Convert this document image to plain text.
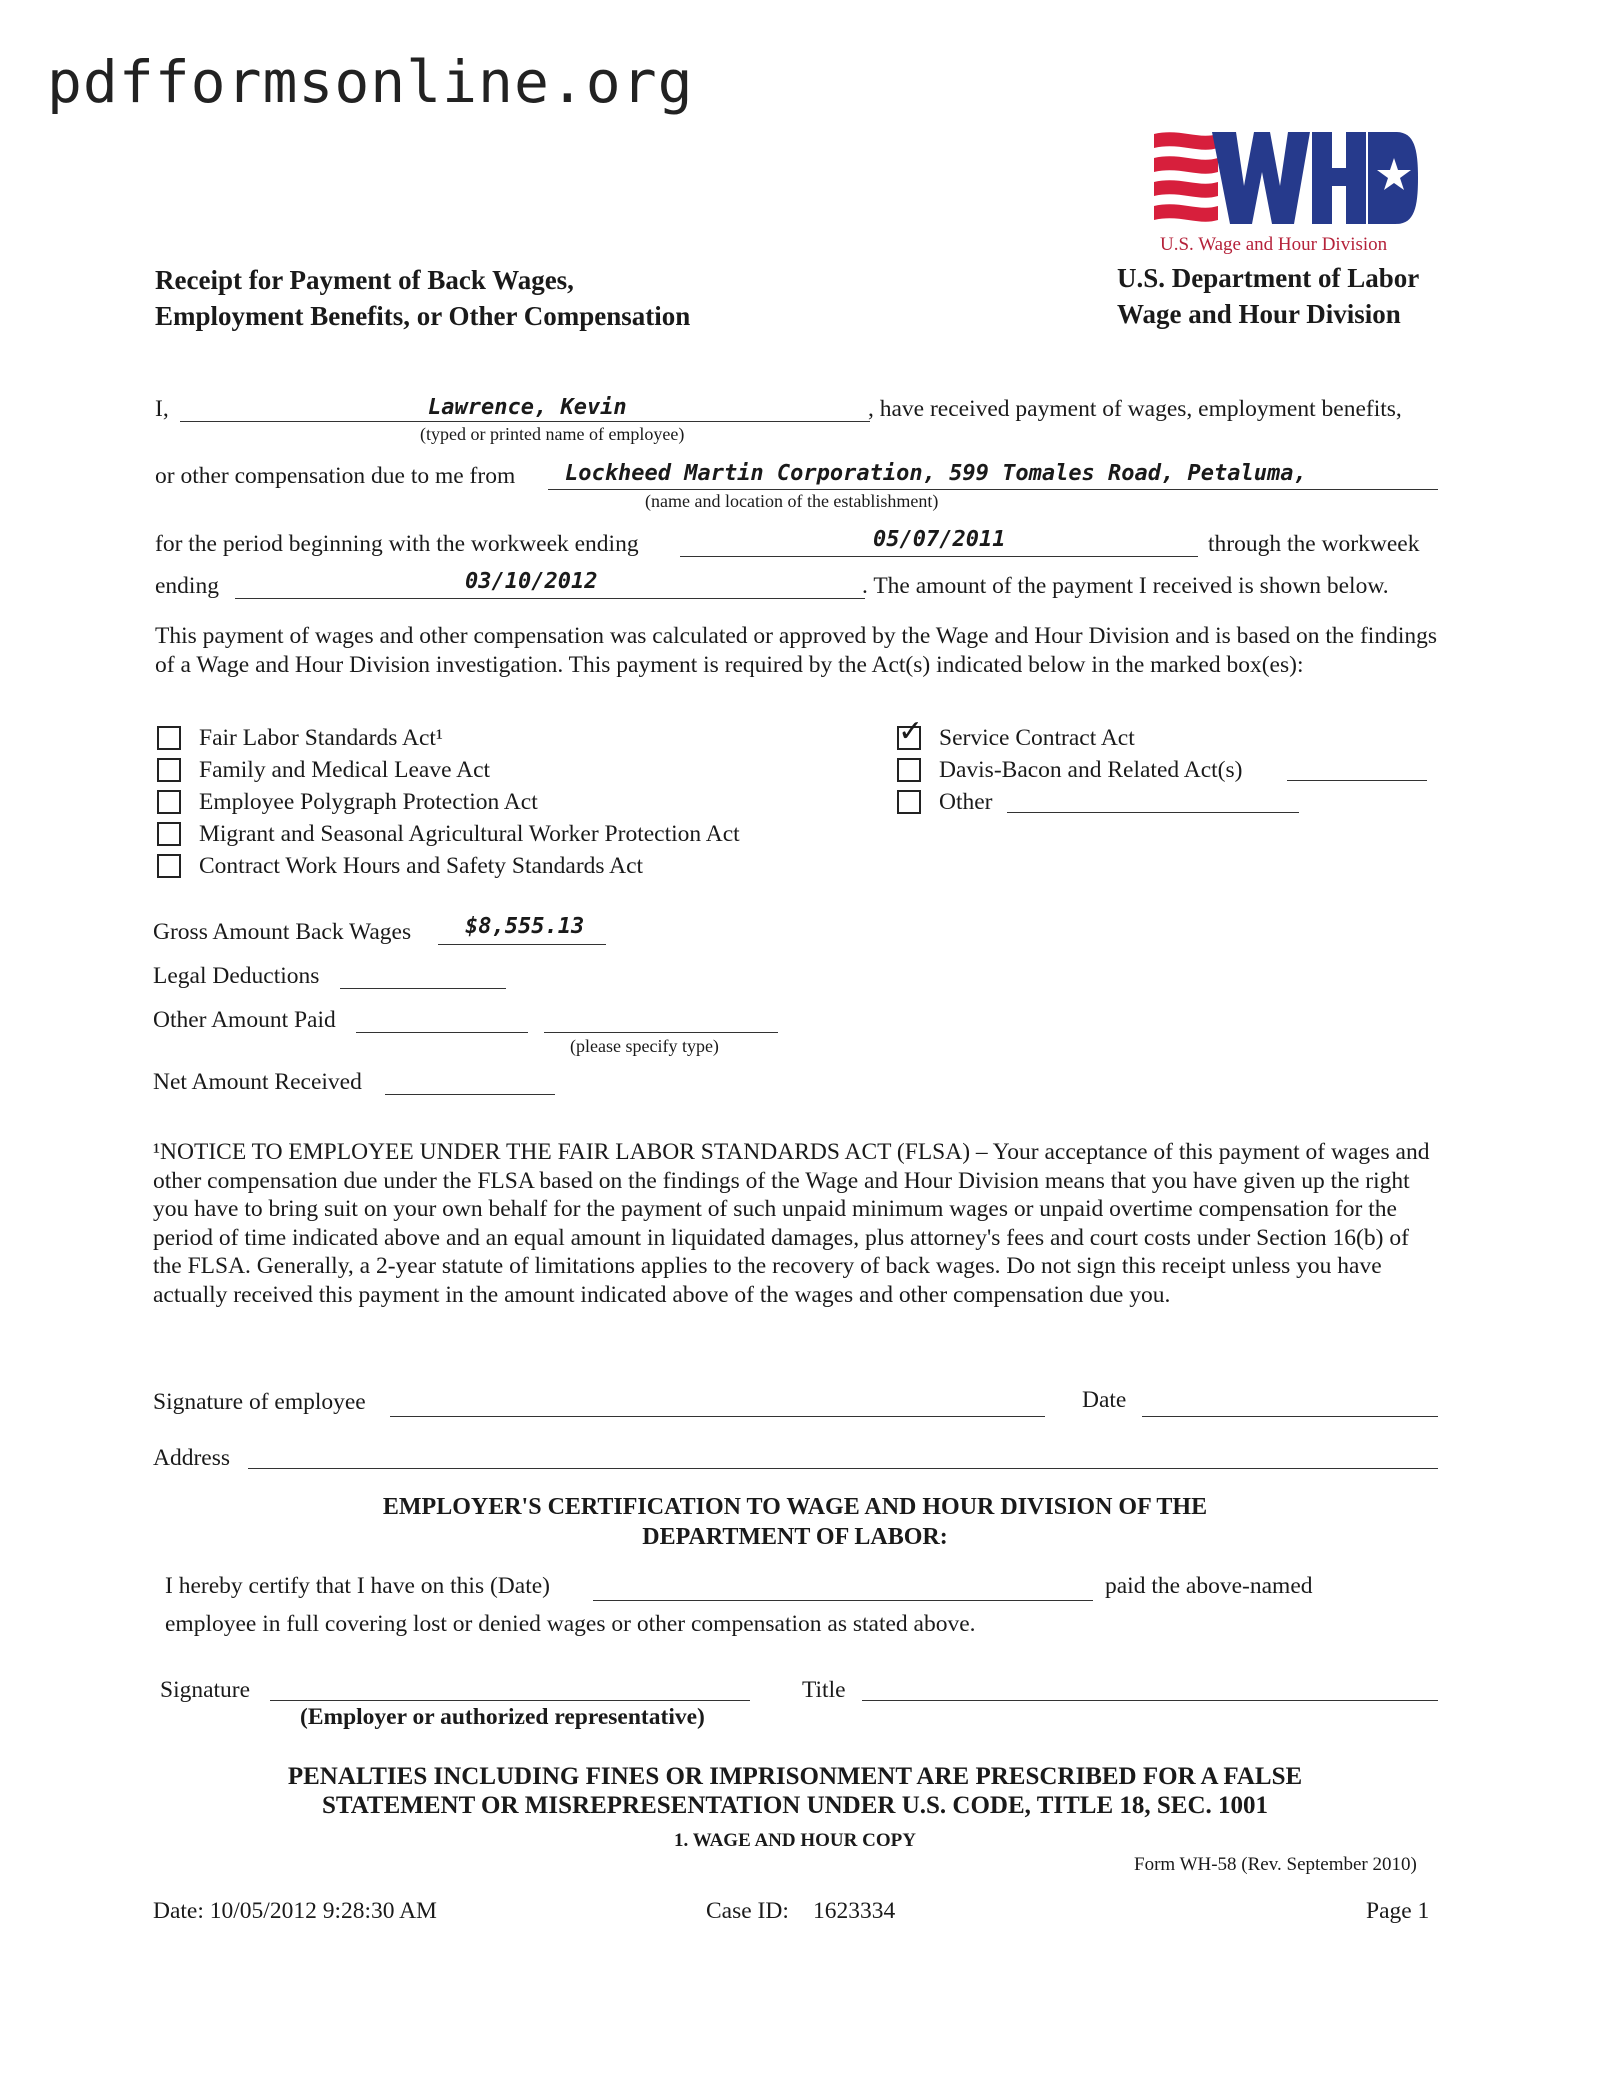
pdfformsonline.org
U.S. Wage and Hour Division
Receipt for Payment of Back Wages,
Employment Benefits, or Other Compensation
U.S. Department of Labor
Wage and Hour Division
I,	Lawrence, Kevin	, have received payment of wages, employment benefits,
(typed or printed name of employee)
or other compensation due to me from Lockheed Martin Corporation, 599 Tomales Road, Petaluma,
(name and location of the establishment)
for the period beginning with the workweek ending	05/07/2011	through the workweek
ending	03/10/2012	. The amount of the payment I received is shown below.
This payment of wages and other compensation was calculated or approved by the Wage and Hour Division and is based on the findings of a Wage and Hour Division investigation. This payment is required by the Act(s) indicated below in the marked box(es):
Fair Labor Standards Act¹
Family and Medical Leave Act
Employee Polygraph Protection Act
Migrant and Seasonal Agricultural Worker Protection Act
Contract Work Hours and Safety Standards Act
✓ Service Contract Act
Davis-Bacon and Related Act(s)
Other
Gross Amount Back Wages $8,555.13
Legal Deductions
Other Amount Paid
(please specify type)
Net Amount Received
¹NOTICE TO EMPLOYEE UNDER THE FAIR LABOR STANDARDS ACT (FLSA) – Your acceptance of this payment of wages and other compensation due under the FLSA based on the findings of the Wage and Hour Division means that you have given up the right you have to bring suit on your own behalf for the payment of such unpaid minimum wages or unpaid overtime compensation for the period of time indicated above and an equal amount in liquidated damages, plus attorney's fees and court costs under Section 16(b) of the FLSA. Generally, a 2-year statute of limitations applies to the recovery of back wages. Do not sign this receipt unless you have actually received this payment in the amount indicated above of the wages and other compensation due you.
Signature of employee	Date
Address
EMPLOYER'S CERTIFICATION TO WAGE AND HOUR DIVISION OF THE
DEPARTMENT OF LABOR:
I hereby certify that I have on this (Date)	paid the above-named
employee in full covering lost or denied wages or other compensation as stated above.
Signature	Title
(Employer or authorized representative)
PENALTIES INCLUDING FINES OR IMPRISONMENT ARE PRESCRIBED FOR A FALSE
STATEMENT OR MISREPRESENTATION UNDER U.S. CODE, TITLE 18, SEC. 1001
1. WAGE AND HOUR COPY
Form WH-58 (Rev. September 2010)
Date: 10/05/2012 9:28:30 AM	Case ID: 1623334	Page 1
